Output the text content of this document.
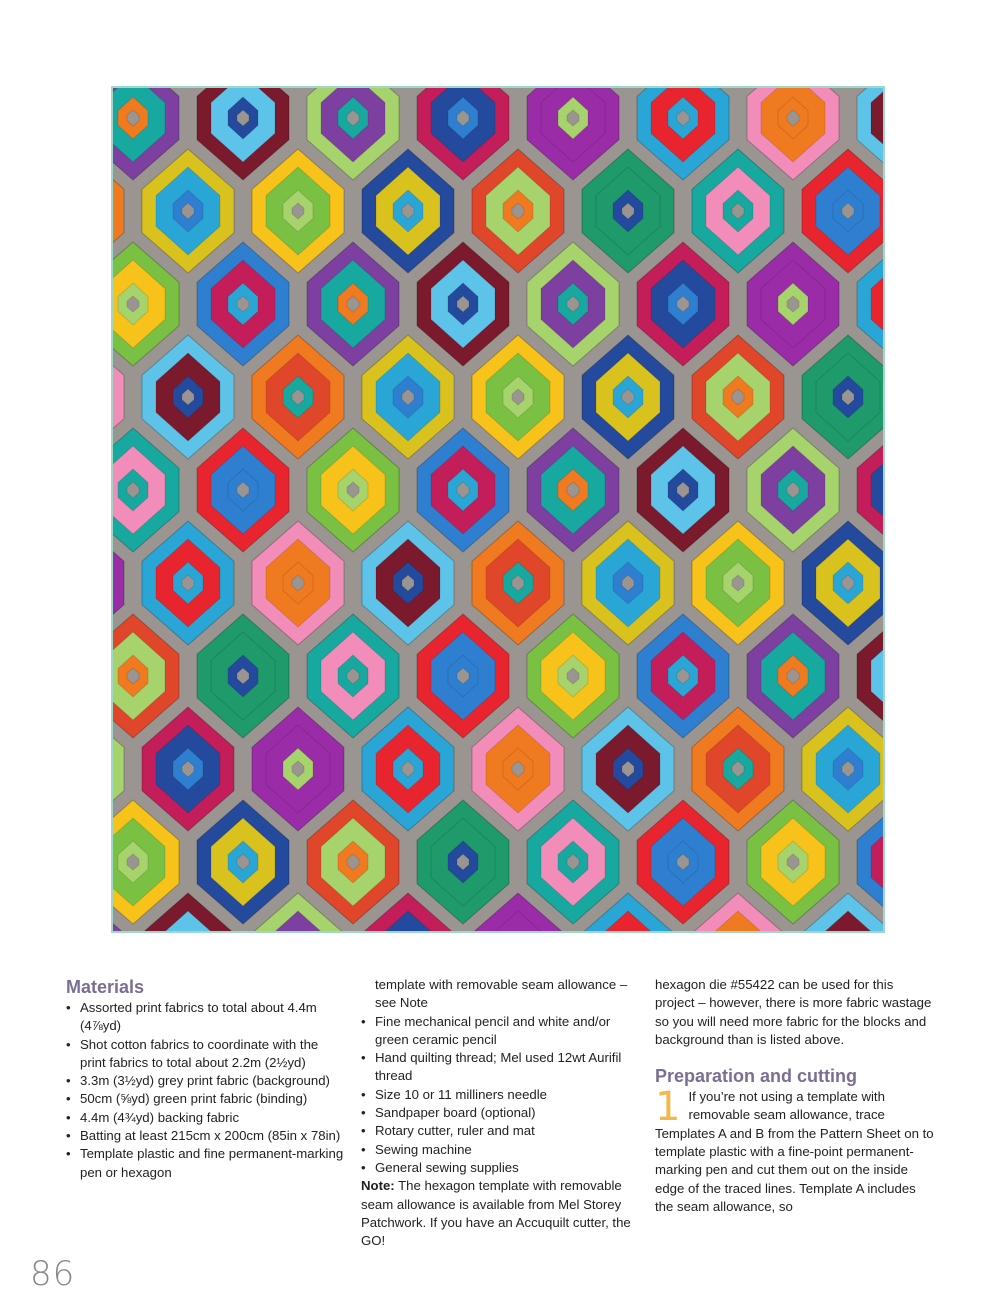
Materials
• Assorted print fabrics to total about 4.4m (4⅞yd)
• Shot cotton fabrics to coordinate with the print fabrics to total about 2.2m (2½yd)
• 3.3m (3½yd) grey print fabric (background)
• 50cm (⅝yd) green print fabric (binding)
• 4.4m (4¾yd) backing fabric
• Batting at least 215cm x 200cm (85in x 78in)
• Template plastic and fine permanent-marking pen or hexagon
template with removable seam allowance – see Note
• Fine mechanical pencil and white and/or green ceramic pencil
• Hand quilting thread; Mel used 12wt Aurifil thread
• Size 10 or 11 milliners needle
• Sandpaper board (optional)
• Rotary cutter, ruler and mat
• Sewing machine
• General sewing supplies

Note: The hexagon template with removable seam allowance is available from Mel Storey Patchwork. If you have an Accuquilt cutter, the GO!

hexagon die #55422 can be used for this project – however, there is more fabric wastage so you will need more fabric for the blocks and background than is listed above.

Preparation and cutting
1 If you’re not using a template with removable seam allowance, trace Templates A and B from the Pattern Sheet on to template plastic with a fine-point permanent-marking pen and cut them out on the inside edge of the traced lines. Template A includes the seam allowance, so
86
